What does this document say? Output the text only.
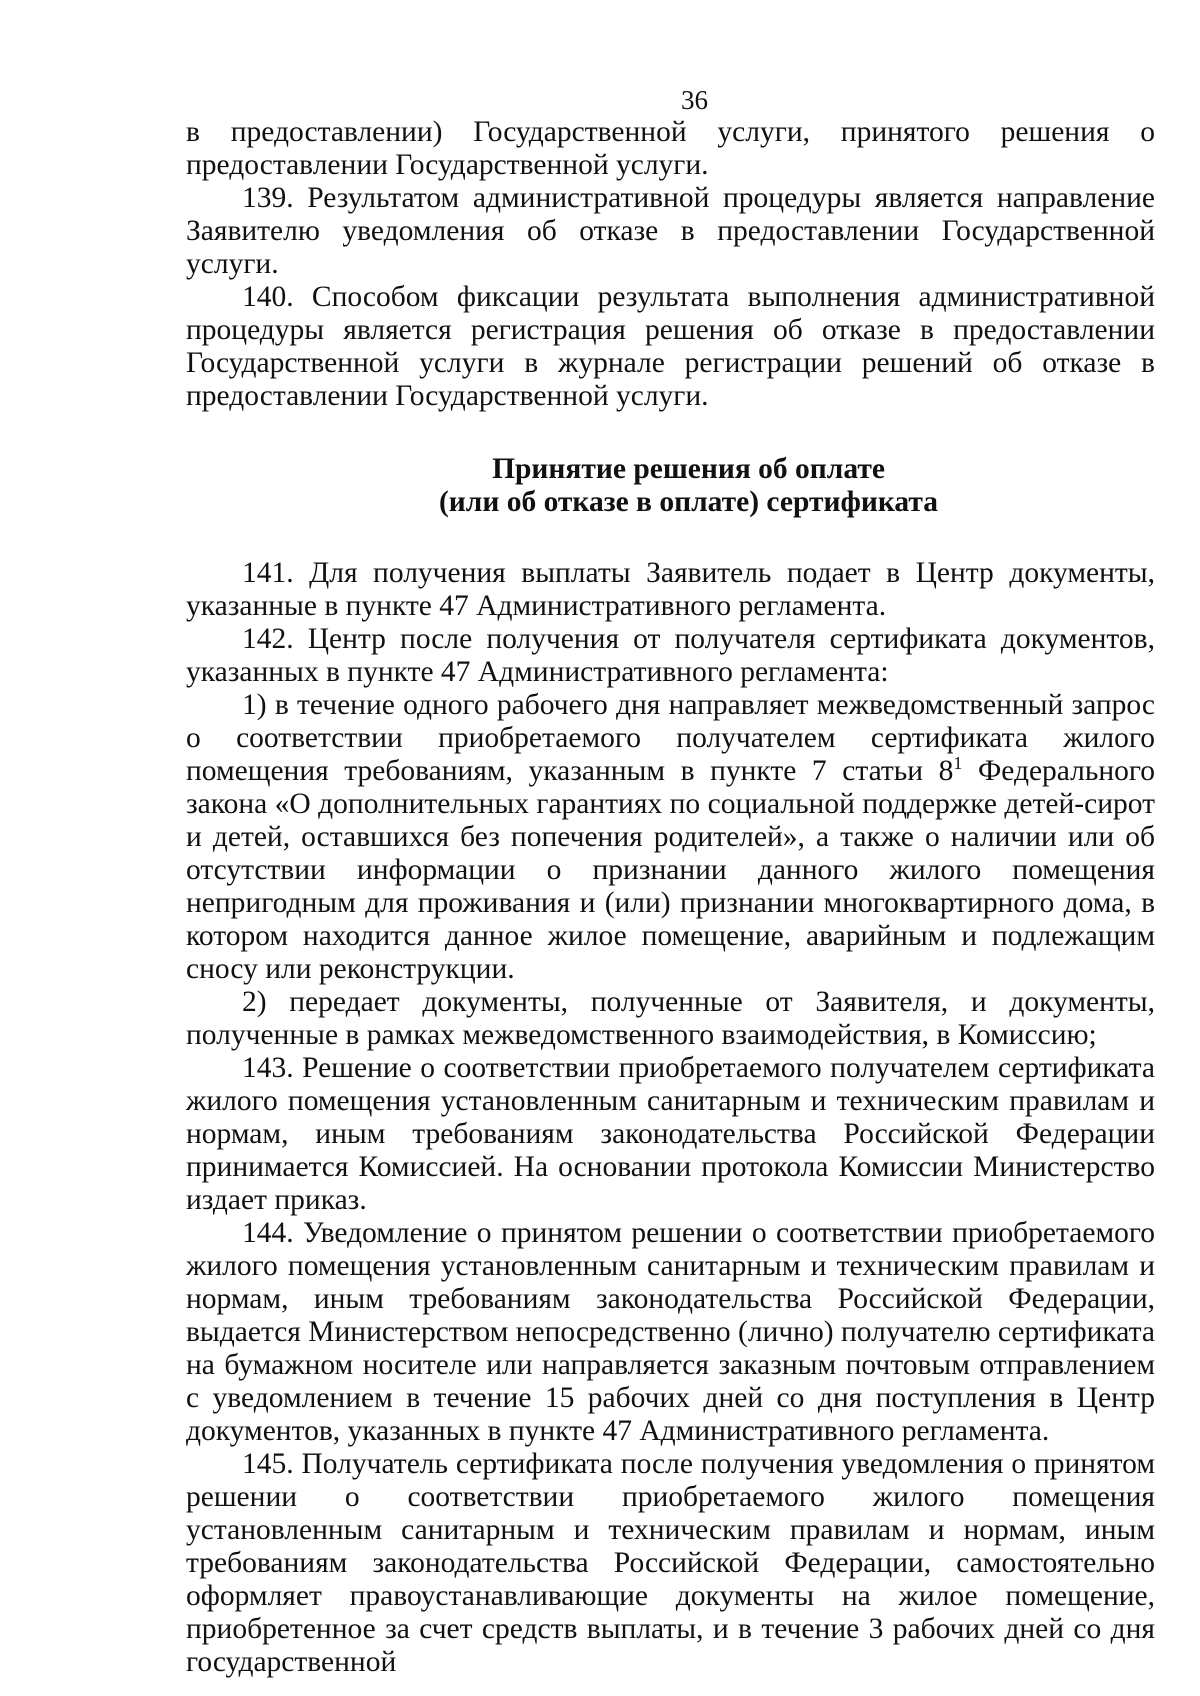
36

в предоставлении) Государственной услуги, принятого решения о предоставлении Государственной услуги.

139. Результатом административной процедуры является направление Заявителю уведомления об отказе в предоставлении Государственной услуги.

140. Способом фиксации результата выполнения административной процедуры является регистрация решения об отказе в предоставлении Государственной услуги в журнале регистрации решений об отказе в предоставлении Государственной услуги.

Принятие решения об оплате
(или об отказе в оплате) сертификата

141. Для получения выплаты Заявитель подает в Центр документы, указанные в пункте 47 Административного регламента.

142. Центр после получения от получателя сертификата документов, указанных в пункте 47 Административного регламента:

1) в течение одного рабочего дня направляет межведомственный запрос о соответствии приобретаемого получателем сертификата жилого помещения требованиям, указанным в пункте 7 статьи $8^1$ Федерального закона «О дополнительных гарантиях по социальной поддержке детей-сирот и детей, оставшихся без попечения родителей», а также о наличии или об отсутствии информации о признании данного жилого помещения непригодным для проживания и (или) признании многоквартирного дома, в котором находится данное жилое помещение, аварийным и подлежащим сносу или реконструкции.

2) передает документы, полученные от Заявителя, и документы, полученные в рамках межведомственного взаимодействия, в Комиссию;

143. Решение о соответствии приобретаемого получателем сертификата жилого помещения установленным санитарным и техническим правилам и нормам, иным требованиям законодательства Российской Федерации принимается Комиссией. На основании протокола Комиссии Министерство издает приказ.

144. Уведомление о принятом решении о соответствии приобретаемого жилого помещения установленным санитарным и техническим правилам и нормам, иным требованиям законодательства Российской Федерации, выдается Министерством непосредственно (лично) получателю сертификата на бумажном носителе или направляется заказным почтовым отправлением с уведомлением в течение 15 рабочих дней со дня поступления в Центр документов, указанных в пункте 47 Административного регламента.

145. Получатель сертификата после получения уведомления о принятом решении о соответствии приобретаемого жилого помещения установленным санитарным и техническим правилам и нормам, иным требованиям законодательства Российской Федерации, самостоятельно оформляет правоустанавливающие документы на жилое помещение, приобретенное за счет средств выплаты, и в течение 3 рабочих дней со дня государственной
